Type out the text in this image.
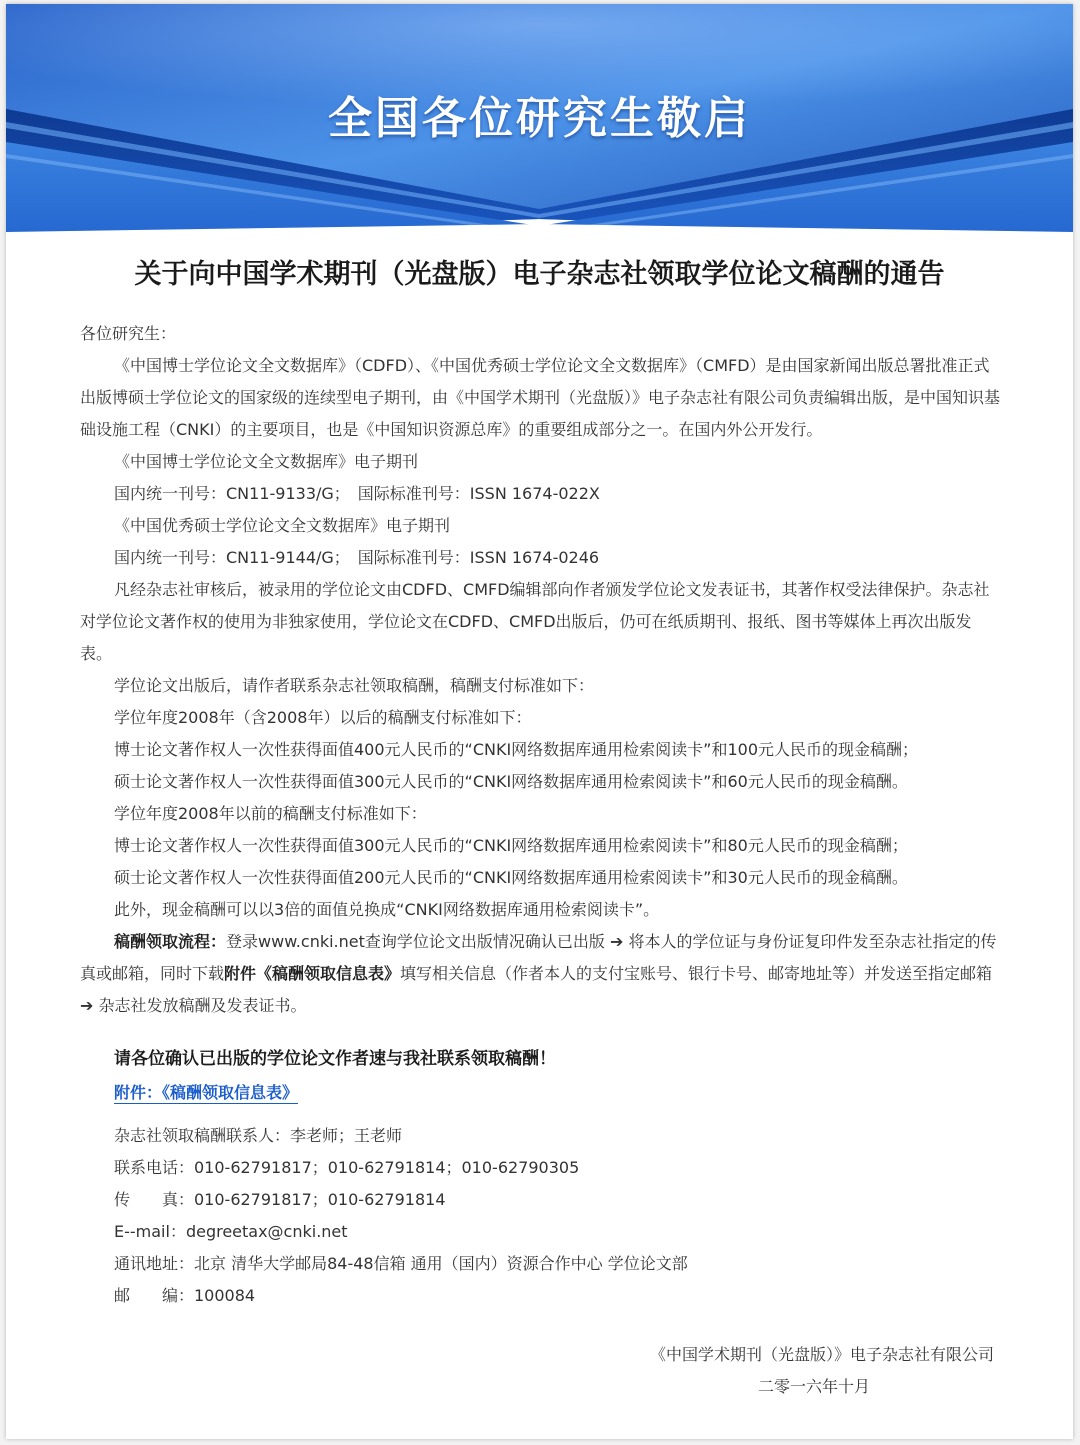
全国各位研究生敬启
关于向中国学术期刊（光盘版）电子杂志社领取学位论文稿酬的通告

各位研究生：

《中国博士学位论文全文数据库》（CDFD）、《中国优秀硕士学位论文全文数据库》（CMFD）是由国家新闻出版总署批准正式出版博硕士学位论文的国家级的连续型电子期刊，由《中国学术期刊（光盘版）》电子杂志社有限公司负责编辑出版，是中国知识基础设施工程（CNKI）的主要项目，也是《中国知识资源总库》的重要组成部分之一。在国内外公开发行。

《中国博士学位论文全文数据库》电子期刊

国内统一刊号：CN11-9133/G；　国际标准刊号：ISSN 1674-022X

《中国优秀硕士学位论文全文数据库》电子期刊

国内统一刊号：CN11-9144/G；　国际标准刊号：ISSN 1674-0246

凡经杂志社审核后，被录用的学位论文由CDFD、CMFD编辑部向作者颁发学位论文发表证书，其著作权受法律保护。杂志社对学位论文著作权的使用为非独家使用，学位论文在CDFD、CMFD出版后，仍可在纸质期刊、报纸、图书等媒体上再次出版发表。

学位论文出版后，请作者联系杂志社领取稿酬，稿酬支付标准如下：

学位年度2008年（含2008年）以后的稿酬支付标准如下：

博士论文著作权人一次性获得面值400元人民币的“CNKI网络数据库通用检索阅读卡”和100元人民币的现金稿酬；

硕士论文著作权人一次性获得面值300元人民币的“CNKI网络数据库通用检索阅读卡”和60元人民币的现金稿酬。

学位年度2008年以前的稿酬支付标准如下：

博士论文著作权人一次性获得面值300元人民币的“CNKI网络数据库通用检索阅读卡”和80元人民币的现金稿酬；

硕士论文著作权人一次性获得面值200元人民币的“CNKI网络数据库通用检索阅读卡”和30元人民币的现金稿酬。

此外，现金稿酬可以以3倍的面值兑换成“CNKI网络数据库通用检索阅读卡”。

稿酬领取流程：登录www.cnki.net查询学位论文出版情况确认已出版 ➔ 将本人的学位证与身份证复印件发至杂志社指定的传真或邮箱，同时下载附件《稿酬领取信息表》填写相关信息（作者本人的支付宝账号、银行卡号、邮寄地址等）并发送至指定邮箱 ➔ 杂志社发放稿酬及发表证书。

请各位确认已出版的学位论文作者速与我社联系领取稿酬！

附件：《稿酬领取信息表》

杂志社领取稿酬联系人：李老师；王老师

联系电话：010-62791817；010-62791814；010-62790305

传　　真：010-62791817；010-62791814

E--mail：degreetax@cnki.net

通讯地址：北京 清华大学邮局84-48信箱 通用（国内）资源合作中心 学位论文部

邮　　编：100084

《中国学术期刊（光盘版）》电子杂志社有限公司

二零一六年十月
